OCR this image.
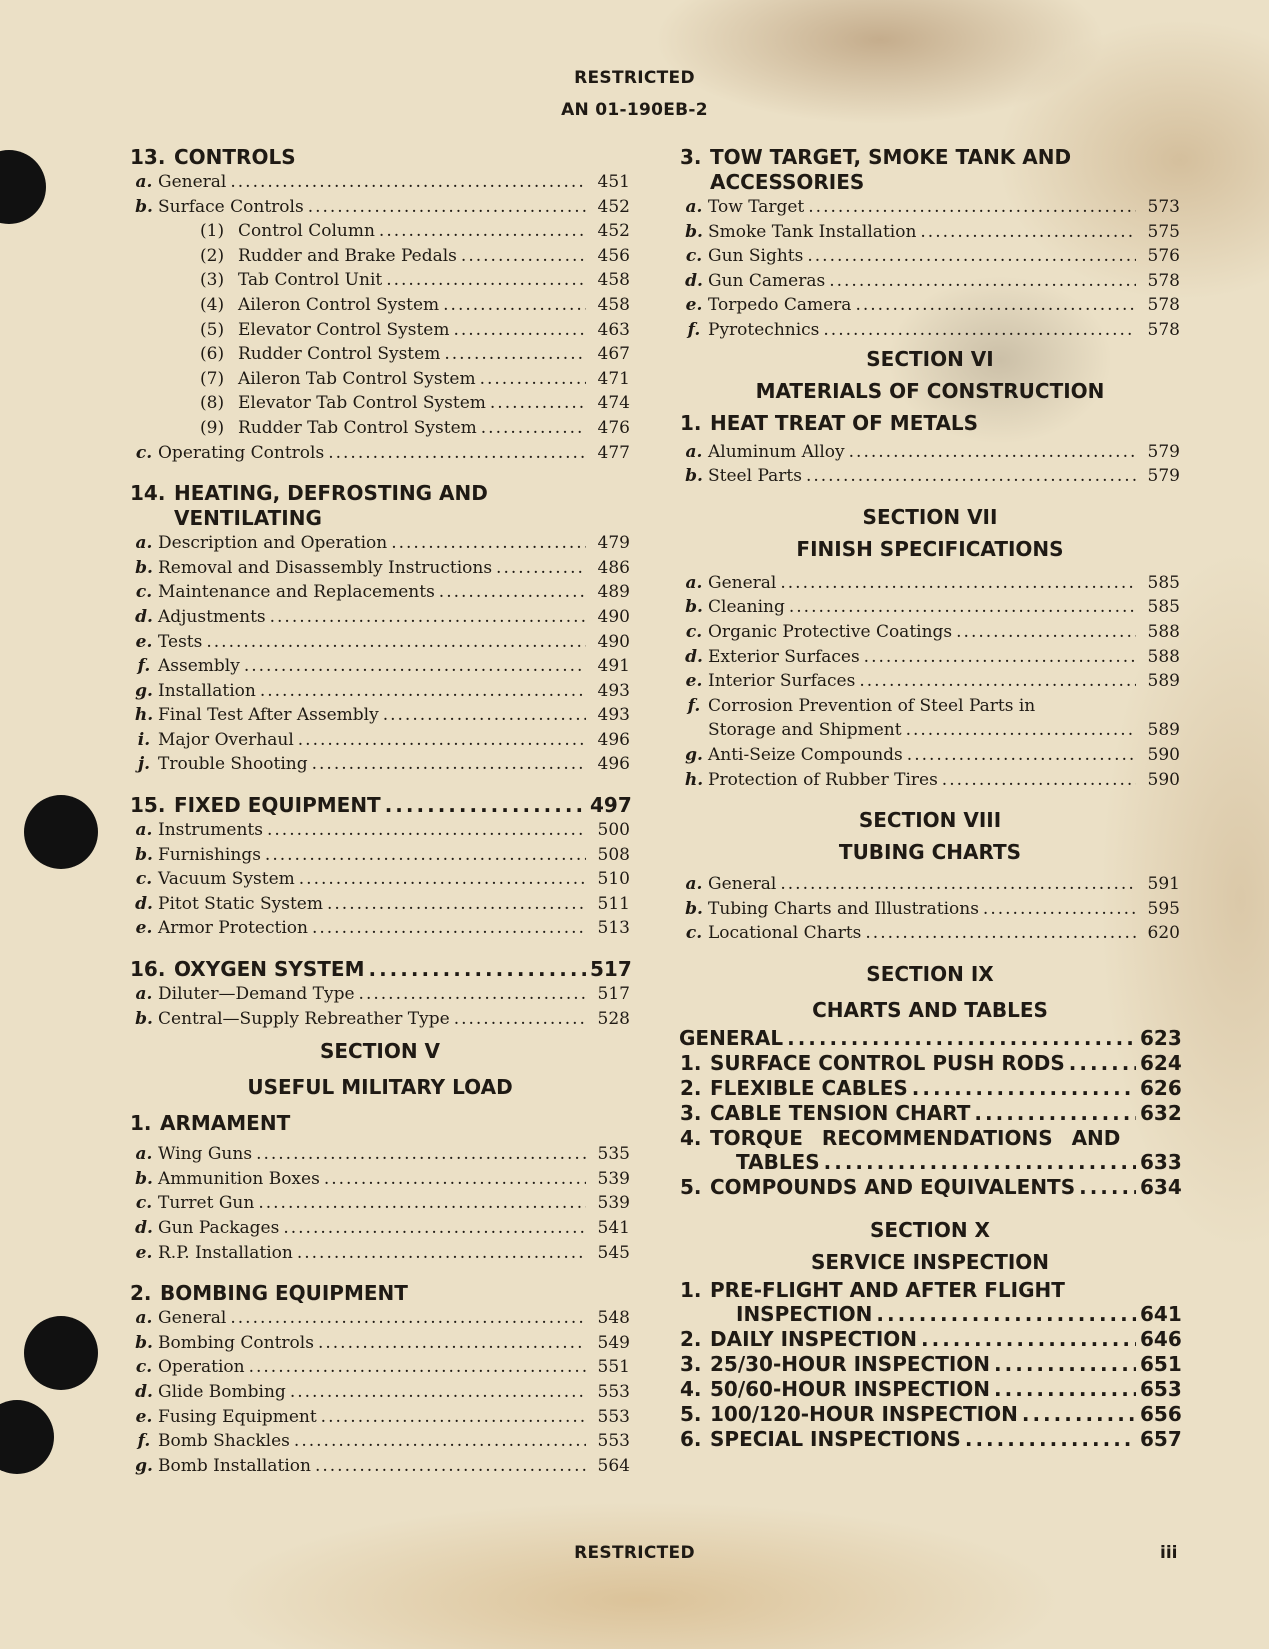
RESTRICTED
AN 01-190EB-2
13. CONTROLS
a. General .....	451
b. Surface Controls .....	452
(1) Control Column .....	452
(2) Rudder and Brake Pedals .....	456
(3) Tab Control Unit .....	458
(4) Aileron Control System .....	458
(5) Elevator Control System .....	463
(6) Rudder Control System .....	467
(7) Aileron Tab Control System .....	471
(8) Elevator Tab Control System .....	474
(9) Rudder Tab Control System .....	476
c. Operating Controls .....	477
14. HEATING, DEFROSTING AND
VENTILATING
a. Description and Operation .....	479
b. Removal and Disassembly Instructions .....	486
c. Maintenance and Replacements .....	489
d. Adjustments .....	490
e. Tests .....	490
f. Assembly .....	491
g. Installation .....	493
h. Final Test After Assembly .....	493
i. Major Overhaul .....	496
j. Trouble Shooting .....	496
15. FIXED EQUIPMENT .....	497
a. Instruments .....	500
b. Furnishings .....	508
c. Vacuum System .....	510
d. Pitot Static System .....	511
e. Armor Protection .....	513
16. OXYGEN SYSTEM .....	517
a. Diluter—Demand Type .....	517
b. Central—Supply Rebreather Type .....	528
SECTION V
USEFUL MILITARY LOAD
1. ARMAMENT
a. Wing Guns .....	535
b. Ammunition Boxes .....	539
c. Turret Gun .....	539
d. Gun Packages .....	541
e. R.P. Installation .....	545
2. BOMBING EQUIPMENT
a. General .....	548
b. Bombing Controls .....	549
c. Operation .....	551
d. Glide Bombing .....	553
e. Fusing Equipment .....	553
f. Bomb Shackles .....	553
g. Bomb Installation .....	564
3. TOW TARGET, SMOKE TANK AND
ACCESSORIES
a. Tow Target .....	573
b. Smoke Tank Installation .....	575
c. Gun Sights .....	576
d. Gun Cameras .....	578
e. Torpedo Camera .....	578
f. Pyrotechnics .....	578
SECTION VI
MATERIALS OF CONSTRUCTION
1. HEAT TREAT OF METALS
a. Aluminum Alloy .....	579
b. Steel Parts .....	579
SECTION VII
FINISH SPECIFICATIONS
a. General .....	585
b. Cleaning .....	585
c. Organic Protective Coatings .....	588
d. Exterior Surfaces .....	588
e. Interior Surfaces .....	589
f. Corrosion Prevention of Steel Parts in
Storage and Shipment .....	589
g. Anti-Seize Compounds .....	590
h. Protection of Rubber Tires .....	590
SECTION VIII
TUBING CHARTS
a. General .....	591
b. Tubing Charts and Illustrations .....	595
c. Locational Charts .....	620
SECTION IX
CHARTS AND TABLES
GENERAL .....	623
1. SURFACE CONTROL PUSH RODS .....	624
2. FLEXIBLE CABLES .....	626
3. CABLE TENSION CHART .....	632
4. TORQUE RECOMMENDATIONS AND
TABLES .....	633
5. COMPOUNDS AND EQUIVALENTS .....	634
SECTION X
SERVICE INSPECTION
1. PRE-FLIGHT AND AFTER FLIGHT
INSPECTION .....	641
2. DAILY INSPECTION .....	646
3. 25/30-HOUR INSPECTION .....	651
4. 50/60-HOUR INSPECTION .....	653
5. 100/120-HOUR INSPECTION .....	656
6. SPECIAL INSPECTIONS .....	657
RESTRICTED	iii
